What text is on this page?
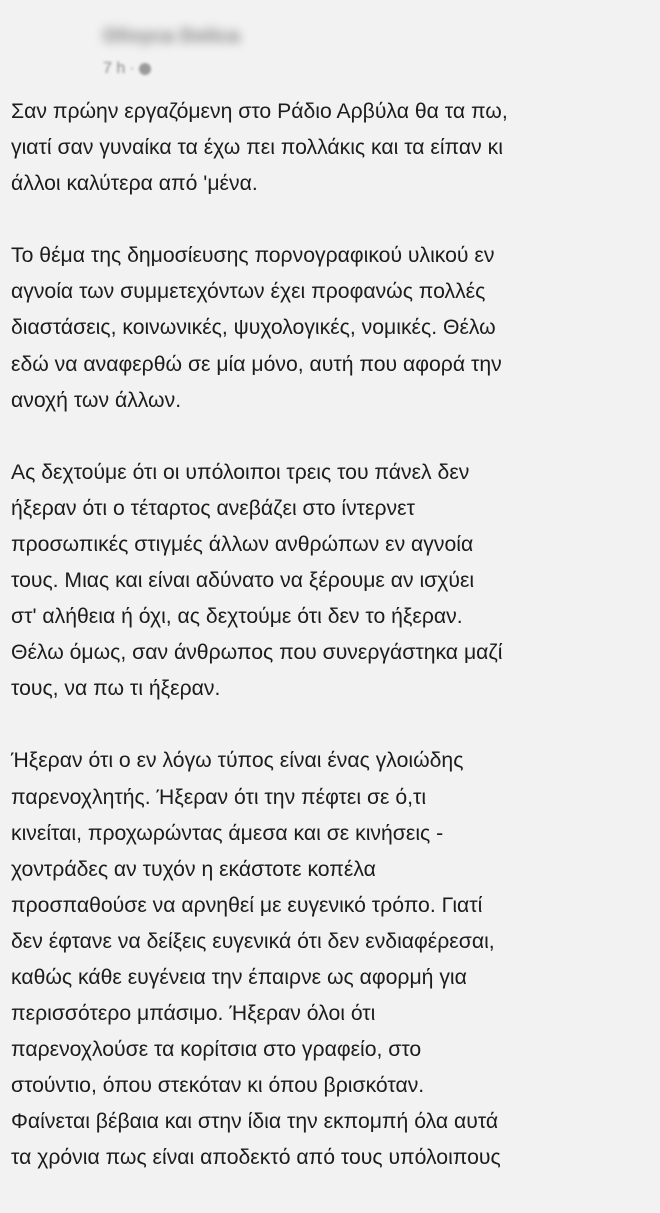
Olivyca Dolica
7 h ·

Σαν πρώην εργαζόμενη στο Ράδιο Αρβύλα θα τα πω,
γιατί σαν γυναίκα τα έχω πει πολλάκις και τα είπαν κι
άλλοι καλύτερα από 'μένα.

Το θέμα της δημοσίευσης πορνογραφικού υλικού εν
αγνοία των συμμετεχόντων έχει προφανώς πολλές
διαστάσεις, κοινωνικές, ψυχολογικές, νομικές. Θέλω
εδώ να αναφερθώ σε μία μόνο, αυτή που αφορά την
ανοχή των άλλων.

Ας δεχτούμε ότι οι υπόλοιποι τρεις του πάνελ δεν
ήξεραν ότι ο τέταρτος ανεβάζει στο ίντερνετ
προσωπικές στιγμές άλλων ανθρώπων εν αγνοία
τους. Μιας και είναι αδύνατο να ξέρουμε αν ισχύει
στ' αλήθεια ή όχι, ας δεχτούμε ότι δεν το ήξεραν.
Θέλω όμως, σαν άνθρωπος που συνεργάστηκα μαζί
τους, να πω τι ήξεραν.

Ήξεραν ότι ο εν λόγω τύπος είναι ένας γλοιώδης
παρενοχλητής. Ήξεραν ότι την πέφτει σε ό,τι
κινείται, προχωρώντας άμεσα και σε κινήσεις -
χοντράδες αν τυχόν η εκάστοτε κοπέλα
προσπαθούσε να αρνηθεί με ευγενικό τρόπο. Γιατί
δεν έφτανε να δείξεις ευγενικά ότι δεν ενδιαφέρεσαι,
καθώς κάθε ευγένεια την έπαιρνε ως αφορμή για
περισσότερο μπάσιμο. Ήξεραν όλοι ότι
παρενοχλούσε τα κορίτσια στο γραφείο, στο
στούντιο, όπου στεκόταν κι όπου βρισκόταν.
Φαίνεται βέβαια και στην ίδια την εκπομπή όλα αυτά
τα χρόνια πως είναι αποδεκτό από τους υπόλοιπους
